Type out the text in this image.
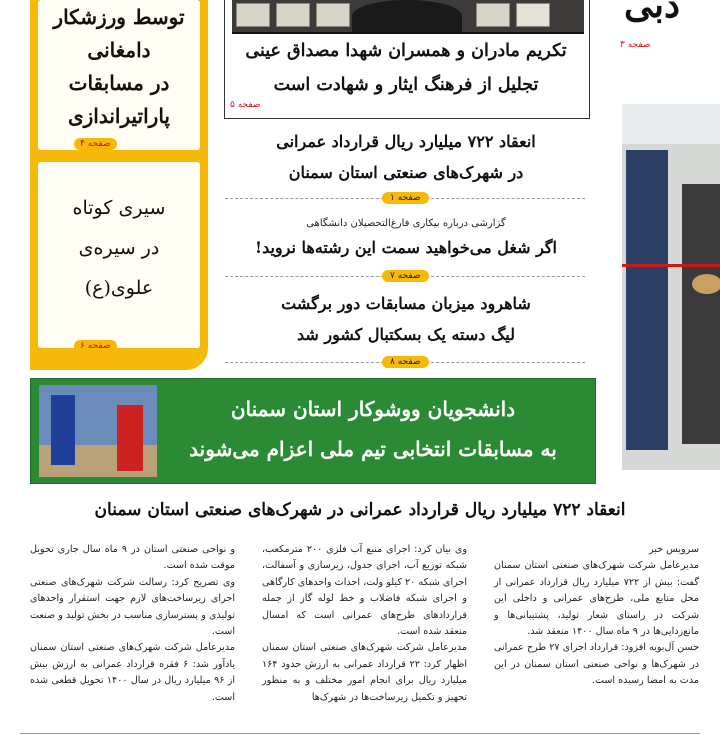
توسط ورزشکار
دامغانی
در مسابقات
پاراتیراندازی
صفحه ۴
سیری کوتاه
در سیره‌ی
علوی(ع)
صفحه ۶
تکریم مادران و همسران شهدا مصداق عینی
تجلیل از فرهنگ ایثار و شهادت است
صفحه ۵
انعقاد ۷۲۲ میلیارد ریال قرارداد عمرانی
در شهرک‌های صنعتی استان سمنان
صفحه ۱
گزارشی درباره بیکاری فارغ‌التحصیلان دانشگاهی
اگر شغل می‌خواهید سمت این رشته‌ها نروید!
صفحه ۷
شاهرود میزبان مسابقات دور برگشت
لیگ دسته یک بسکتبال کشور شد
صفحه ۸
دبی
صفحه ۳
دانشجویان ووشوکار استان سمنان
به مسابقات انتخابی تیم ملی اعزام می‌شوند
انعقاد ۷۲۲ میلیارد ریال قرارداد عمرانی در شهرک‌های صنعتی استان سمنان
سرویس خبر
مدیرعامل شرکت شهرک‌های صنعتی استان سمنان گفت: بیش از ۷۲۲ میلیارد ریال قرارداد عمرانی از محل منابع ملی، طرح‌های عمرانی و داخلی این شرکت در راستای شعار تولید، پشتیبانی‌ها و مانع‌زدایی‌ها در ۹ ماه سال ۱۴۰۰ منعقد شد.
حسن آل‌بویه افزود: قرارداد اجرای ۲۷ طرح عمرانی در شهرک‌ها و نواحی صنعتی استان سمنان در این مدت به امضا رسیده است.
وی بیان کرد: اجرای منبع آب فلزی ۲۰۰ مترمکعب، شبکه توزیع آب، اجرای جدول، زیرسازی و آسفالت، اجرای شبکه ۲۰ کیلو ولت، احداث واحدهای کارگاهی و اجرای شبکه فاضلاب و خط لوله گاز از جمله قراردادهای طرح‌های عمرانی است که امسال منعقد شده است.
مدیرعامل شرکت شهرک‌های صنعتی استان سمنان اظهار کرد: ۲۲ قرارداد عمرانی به ارزش حدود ۱۶۴ میلیارد ریال برای انجام امور مختلف و به منظور تجهیز و تکمیل زیرساخت‌ها در شهرک‌ها
و نواحی صنعتی استان در ۹ ماه سال جاری تحویل موقت شده است.
وی تصریح کرد: رسالت شرکت شهرک‌های صنعتی اجرای زیرساخت‌های لازم جهت استقرار واحدهای تولیدی و بسترسازی مناسب در بخش تولید و صنعت است.
مدیرعامل شرکت شهرک‌های صنعتی استان سمنان یادآور شد: ۶ فقره قرارداد عمرانی به ارزش بیش از ۹۶ میلیارد ریال در سال ۱۴۰۰ تحویل قطعی شده است.
